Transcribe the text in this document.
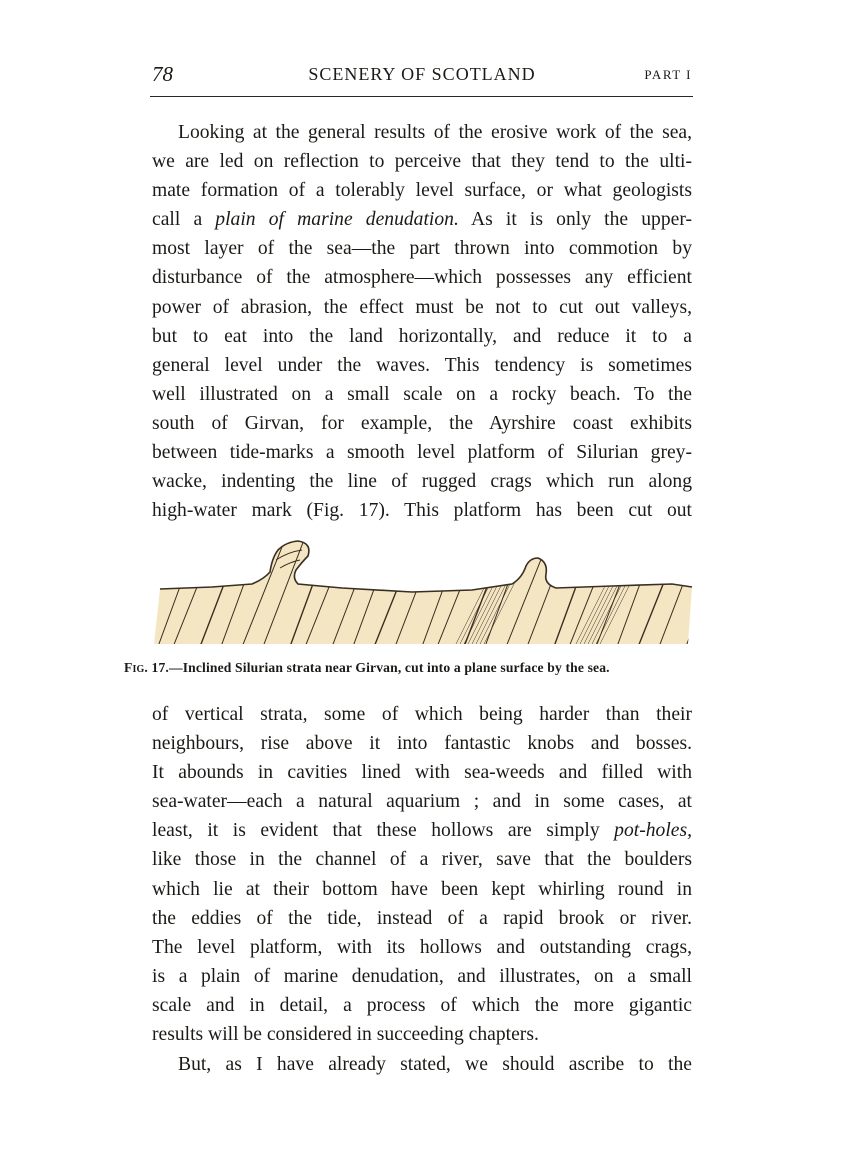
78	SCENERY OF SCOTLAND	PART I
Looking at the general results of the erosive work of the sea,
we are led on reflection to perceive that they tend to the ulti-
mate formation of a tolerably level surface, or what geologists
call a plain of marine denudation. As it is only the upper-
most layer of the sea—the part thrown into commotion by
disturbance of the atmosphere—which possesses any efficient
power of abrasion, the effect must be not to cut out valleys,
but to eat into the land horizontally, and reduce it to a
general level under the waves. This tendency is sometimes
well illustrated on a small scale on a rocky beach. To the
south of Girvan, for example, the Ayrshire coast exhibits
between tide-marks a smooth level platform of Silurian grey-
wacke, indenting the line of rugged crags which run along
high-water mark (Fig. 17). This platform has been cut out
Fig. 17.—Inclined Silurian strata near Girvan, cut into a plane surface by the sea.
of vertical strata, some of which being harder than their
neighbours, rise above it into fantastic knobs and bosses.
It abounds in cavities lined with sea-weeds and filled with
sea-water—each a natural aquarium ; and in some cases, at
least, it is evident that these hollows are simply pot-holes,
like those in the channel of a river, save that the boulders
which lie at their bottom have been kept whirling round in
the eddies of the tide, instead of a rapid brook or river.
The level platform, with its hollows and outstanding crags,
is a plain of marine denudation, and illustrates, on a small
scale and in detail, a process of which the more gigantic
results will be considered in succeeding chapters.
But, as I have already stated, we should ascribe to the
